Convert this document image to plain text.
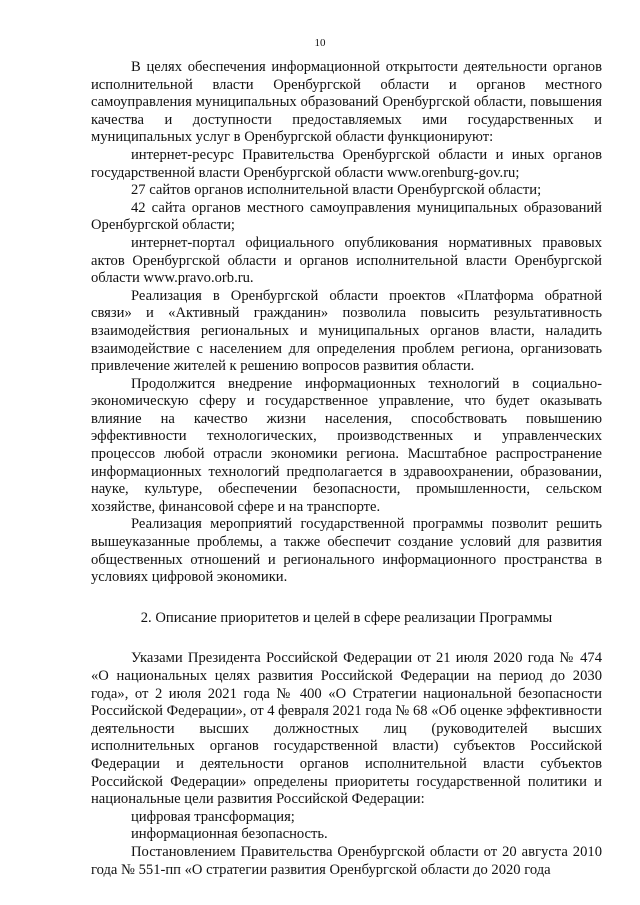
10

В целях обеспечения информационной открытости деятельности органов исполнительной власти Оренбургской области и органов местного самоуправления муниципальных образований Оренбургской области, повышения качества и доступности предоставляемых ими государственных и муниципальных услуг в Оренбургской области функционируют:

интернет-ресурс Правительства Оренбургской области и иных органов государственной власти Оренбургской области www.orenburg-gov.ru;

27 сайтов органов исполнительной власти Оренбургской области;

42 сайта органов местного самоуправления муниципальных образований Оренбургской области;

интернет-портал официального опубликования нормативных правовых актов Оренбургской области и органов исполнительной власти Оренбургской области www.pravo.orb.ru.

Реализация в Оренбургской области проектов «Платформа обратной связи» и «Активный гражданин» позволила повысить результативность взаимодействия региональных и муниципальных органов власти, наладить взаимодействие с населением для определения проблем региона, организовать привлечение жителей к решению вопросов развития области.

Продолжится внедрение информационных технологий в социально-экономическую сферу и государственное управление, что будет оказывать влияние на качество жизни населения, способствовать повышению эффективности технологических, производственных и управленческих процессов любой отрасли экономики региона. Масштабное распространение информационных технологий предполагается в здравоохранении, образовании, науке, культуре, обеспечении безопасности, промышленности, сельском хозяйстве, финансовой сфере и на транспорте.

Реализация мероприятий государственной программы позволит решить вышеуказанные проблемы, а также обеспечит создание условий для развития общественных отношений и регионального информационного пространства в условиях цифровой экономики.

2. Описание приоритетов и целей в сфере реализации Программы

Указами Президента Российской Федерации от 21 июля 2020 года № 474 «О национальных целях развития Российской Федерации на период до 2030 года», от 2 июля 2021 года № 400 «О Стратегии национальной безопасности Российской Федерации», от 4 февраля 2021 года № 68 «Об оценке эффективности деятельности высших должностных лиц (руководителей высших исполнительных органов государственной власти) субъектов Российской Федерации и деятельности органов исполнительной власти субъектов Российской Федерации» определены приоритеты государственной политики и национальные цели развития Российской Федерации:

цифровая трансформация;

информационная безопасность.

Постановлением Правительства Оренбургской области от 20 августа 2010 года № 551-пп «О стратегии развития Оренбургской области до 2020 года
